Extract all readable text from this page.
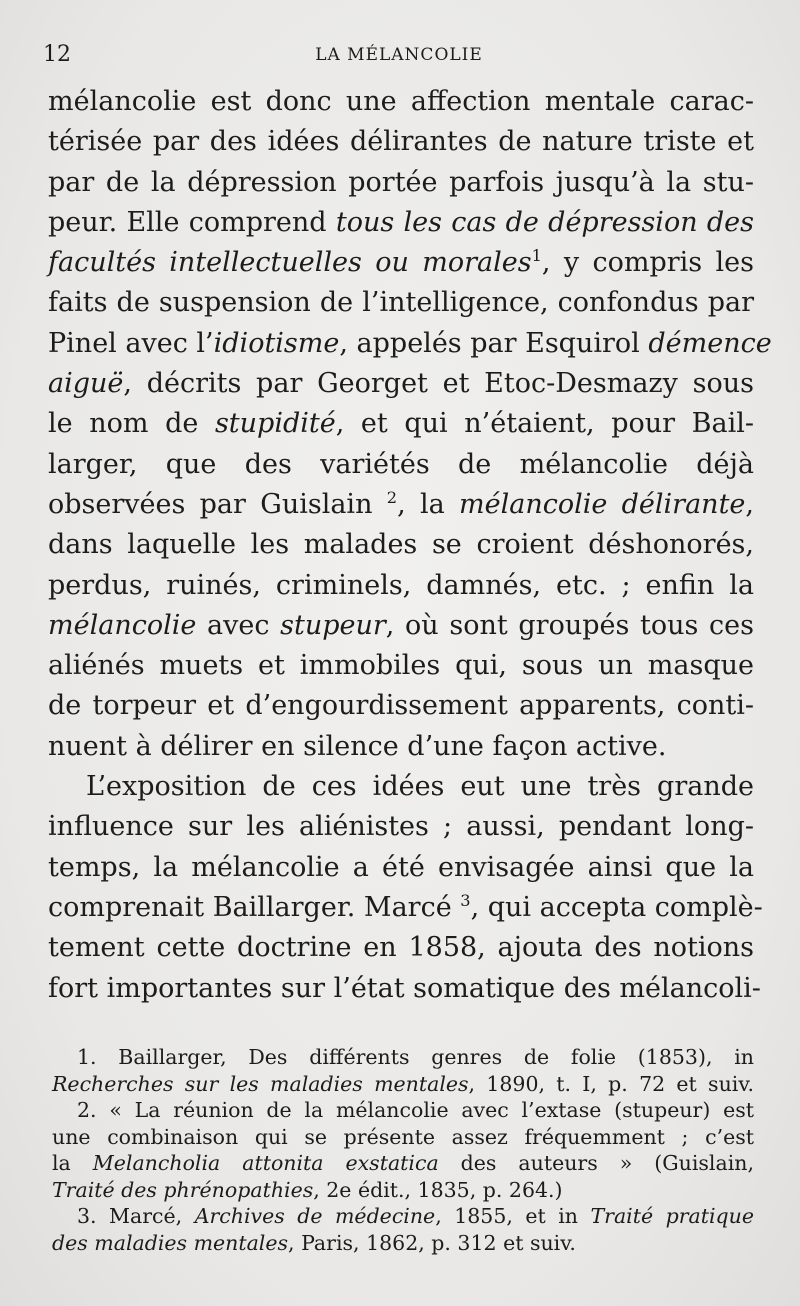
12	LA MÉLANCOLIE
mélancolie est donc une affection mentale carac-
térisée par des idées délirantes de nature triste et
par de la dépression portée parfois jusqu’à la stu-
peur. Elle comprend tous les cas de dépression des
facultés intellectuelles ou morales$^1$, y compris les
faits de suspension de l’intelligence, confondus par
Pinel avec l’idiotisme, appelés par Esquirol démence
aiguë, décrits par Georget et Etoc-Desmazy sous
le nom de stupidité, et qui n’étaient, pour Bail-
larger, que des variétés de mélancolie déjà
observées par Guislain $^2$, la mélancolie délirante,
dans laquelle les malades se croient déshonorés,
perdus, ruinés, criminels, damnés, etc. ; enfin la
mélancolie avec stupeur, où sont groupés tous ces
aliénés muets et immobiles qui, sous un masque
de torpeur et d’engourdissement apparents, conti-
nuent à délirer en silence d’une façon active.
L’exposition de ces idées eut une très grande
influence sur les aliénistes ; aussi, pendant long-
temps, la mélancolie a été envisagée ainsi que la
comprenait Baillarger. Marcé $^3$, qui accepta complè-
tement cette doctrine en 1858, ajouta des notions
fort importantes sur l’état somatique des mélancoli-
1. Baillarger, Des différents genres de folie (1853), in
Recherches sur les maladies mentales, 1890, t. I, p. 72 et suiv.
2. « La réunion de la mélancolie avec l’extase (stupeur) est
une combinaison qui se présente assez fréquemment ; c’est
la Melancholia attonita exstatica des auteurs » (Guislain,
Traité des phrénopathies, 2e édit., 1835, p. 264.)
3. Marcé, Archives de médecine, 1855, et in Traité pratique
des maladies mentales, Paris, 1862, p. 312 et suiv.
